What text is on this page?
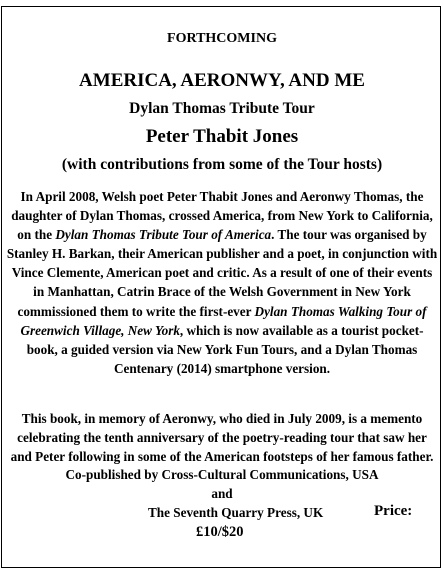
FORTHCOMING

AMERICA, AERONWY, AND ME

Dylan Thomas Tribute Tour

Peter Thabit Jones

(with contributions from some of the Tour hosts)

In April 2008, Welsh poet Peter Thabit Jones and Aeronwy Thomas, the daughter of Dylan Thomas, crossed America, from New York to California, on the Dylan Thomas Tribute Tour of America. The tour was organised by Stanley H. Barkan, their American publisher and a poet, in conjunction with Vince Clemente, American poet and critic. As a result of one of their events in Manhattan, Catrin Brace of the Welsh Government in New York commissioned them to write the first-ever Dylan Thomas Walking Tour of Greenwich Village, New York, which is now available as a tourist pocket-book, a guided version via New York Fun Tours, and a Dylan Thomas Centenary (2014) smartphone version.

This book, in memory of Aeronwy, who died in July 2009, is a memento celebrating the tenth anniversary of the poetry-reading tour that saw her and Peter following in some of the American footsteps of her famous father.

Co-published by Cross-Cultural Communications, USA

and

The Seventh Quarry Press, UK	Price:

£10/$20
